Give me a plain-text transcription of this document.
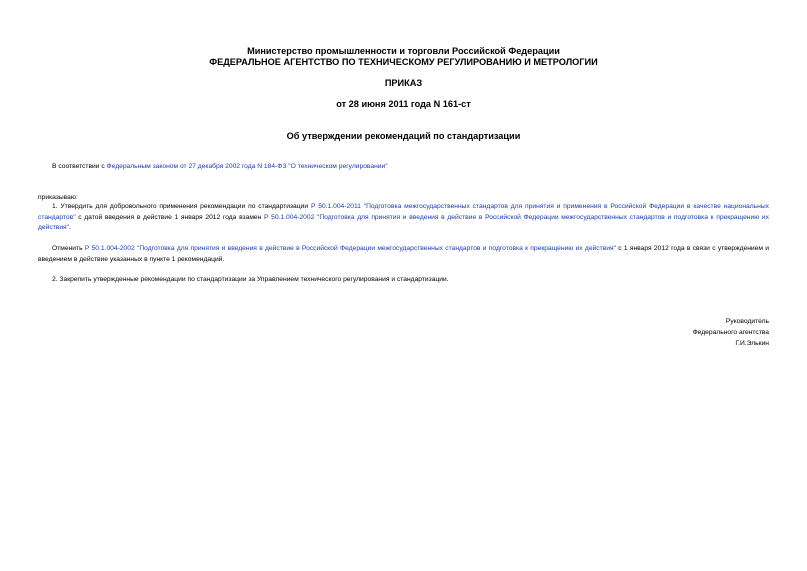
Министерство промышленности и торговли Российской Федерации
ФЕДЕРАЛЬНОЕ АГЕНТСТВО ПО ТЕХНИЧЕСКОМУ РЕГУЛИРОВАНИЮ И МЕТРОЛОГИИ
ПРИКАЗ
от 28 июня 2011 года N 161-ст
Об утверждении рекомендаций по стандартизации
В соответствии с Федеральным законом от 27 декабря 2002 года N 184-ФЗ "О техническом регулировании"
приказываю:
1. Утвердить для добровольного применения рекомендации по стандартизации Р 50.1.004-2011 "Подготовка межгосударственных стандартов для принятия и применения в Российской Федерации в качестве национальных стандартов" с датой введения в действие 1 января 2012 года взамен Р 50.1.004-2002 "Подготовка для принятия и введения в действие в Российской Федерации межгосударственных стандартов и подготовка к прекращению их действия".
Отменить Р 50.1.004-2002 "Подготовка для принятия и введения в действие в Российской Федерации межгосударственных стандартов и подготовка к прекращению их действия" с 1 января 2012 года в связи с утверждением и введением в действие указанных в пункте 1 рекомендаций.
2. Закрепить утвержденные рекомендации по стандартизации за Управлением технического регулирования и стандартизации.
Руководитель
Федерального агентства
Г.И.Элькин
